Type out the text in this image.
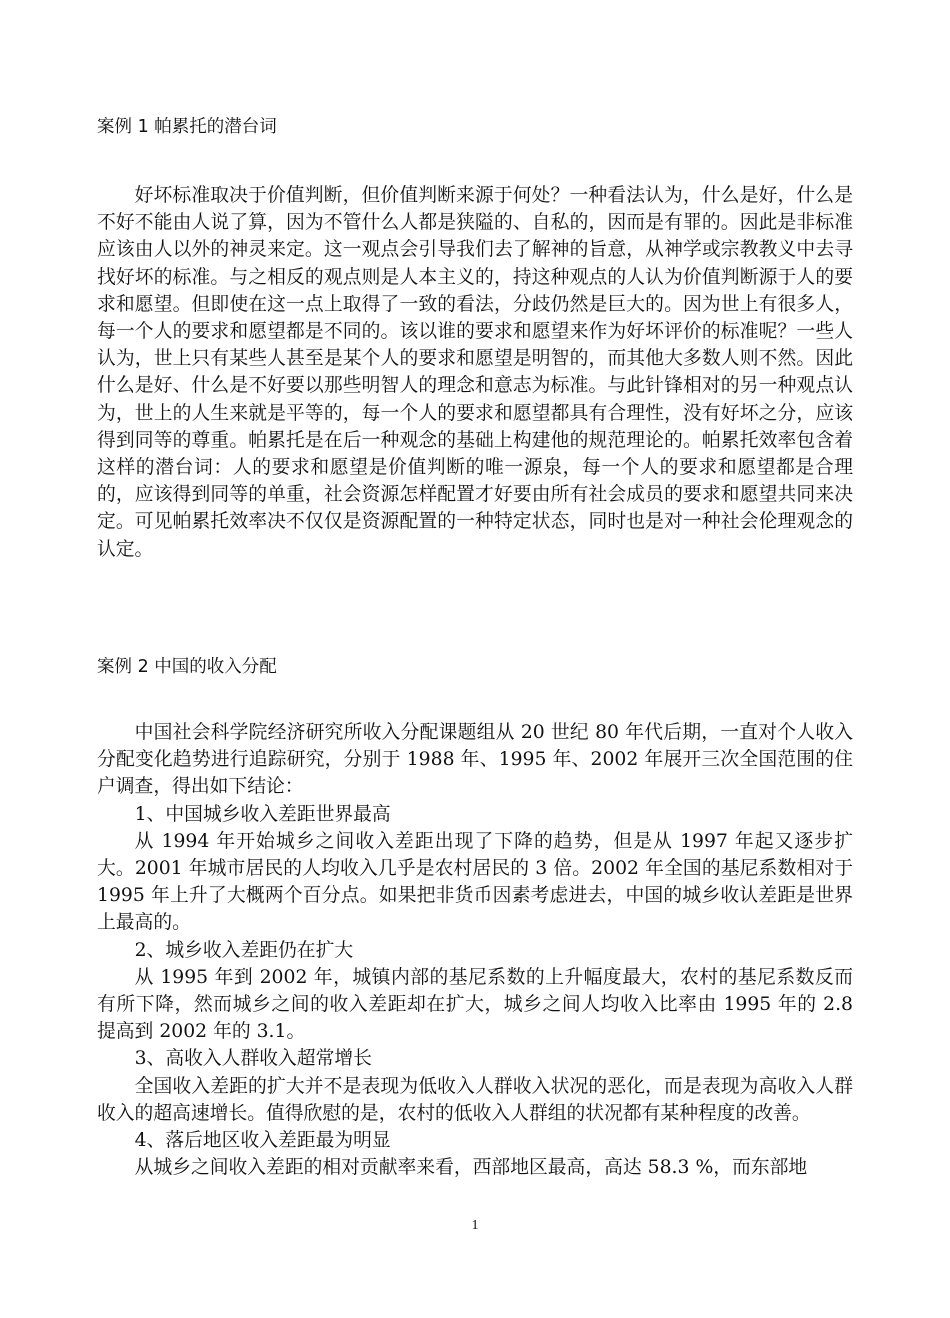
案例 1 帕累托的潜台词

好坏标准取决于价值判断，但价值判断来源于何处？一种看法认为，什么是好，什么是不好不能由人说了算，因为不管什么人都是狭隘的、自私的，因而是有罪的。因此是非标准应该由人以外的神灵来定。这一观点会引导我们去了解神的旨意，从神学或宗教教义中去寻找好坏的标准。与之相反的观点则是人本主义的，持这种观点的人认为价值判断源于人的要求和愿望。但即使在这一点上取得了一致的看法，分歧仍然是巨大的。因为世上有很多人，每一个人的要求和愿望都是不同的。该以谁的要求和愿望来作为好坏评价的标准呢？一些人认为，世上只有某些人甚至是某个人的要求和愿望是明智的，而其他大多数人则不然。因此什么是好、什么是不好要以那些明智人的理念和意志为标准。与此针锋相对的另一种观点认为，世上的人生来就是平等的，每一个人的要求和愿望都具有合理性，没有好坏之分，应该得到同等的尊重。帕累托是在后一种观念的基础上构建他的规范理论的。帕累托效率包含着这样的潜台词：人的要求和愿望是价值判断的唯一源泉，每一个人的要求和愿望都是合理的，应该得到同等的单重，社会资源怎样配置才好要由所有社会成员的要求和愿望共同来决定。可见帕累托效率决不仅仅是资源配置的一种特定状态，同时也是对一种社会伦理观念的认定。

案例 2 中国的收入分配

中国社会科学院经济研究所收入分配课题组从 20 世纪 80 年代后期，一直对个人收入分配变化趋势进行追踪研究，分别于 1988 年、1995 年、2002 年展开三次全国范围的住户调查，得出如下结论：

1、中国城乡收入差距世界最高

从 1994 年开始城乡之间收入差距出现了下降的趋势，但是从 1997 年起又逐步扩大。2001 年城市居民的人均收入几乎是农村居民的 3 倍。2002 年全国的基尼系数相对于 1995 年上升了大概两个百分点。如果把非货币因素考虑进去，中国的城乡收认差距是世界上最高的。

2、城乡收入差距仍在扩大

从 1995 年到 2002 年，城镇内部的基尼系数的上升幅度最大，农村的基尼系数反而有所下降，然而城乡之间的收入差距却在扩大，城乡之间人均收入比率由 1995 年的 2.8 提高到 2002 年的 3.1。

3、高收入人群收入超常增长

全国收入差距的扩大并不是表现为低收入人群收入状况的恶化，而是表现为高收入人群收入的超高速增长。值得欣慰的是，农村的低收入人群组的状况都有某种程度的改善。

4、落后地区收入差距最为明显

从城乡之间收入差距的相对贡献率来看，西部地区最高，高达 58.3 %，而东部地

1
